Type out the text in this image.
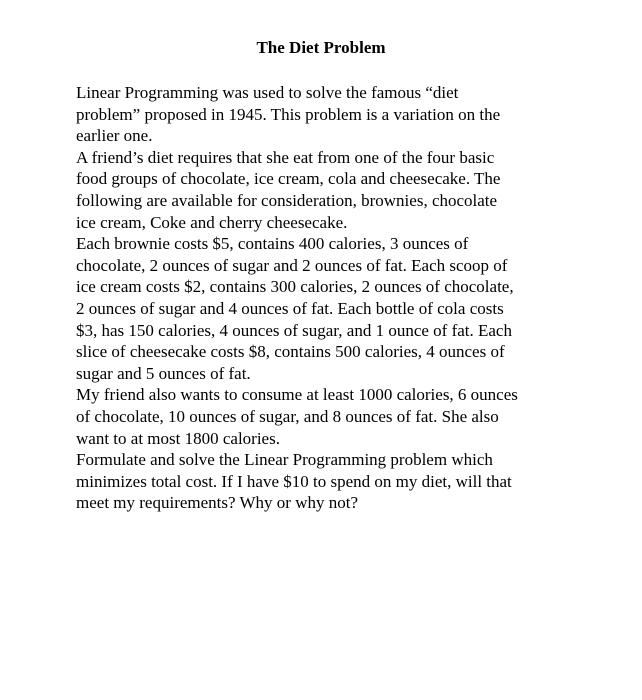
The Diet Problem
Linear Programming was used to solve the famous “diet
problem” proposed in 1945. This problem is a variation on the
earlier one.
A friend’s diet requires that she eat from one of the four basic
food groups of chocolate, ice cream, cola and cheesecake. The
following are available for consideration, brownies, chocolate
ice cream, Coke and cherry cheesecake.
Each brownie costs $5, contains 400 calories, 3 ounces of
chocolate, 2 ounces of sugar and 2 ounces of fat. Each scoop of
ice cream costs $2, contains 300 calories, 2 ounces of chocolate,
2 ounces of sugar and 4 ounces of fat. Each bottle of cola costs
$3, has 150 calories, 4 ounces of sugar, and 1 ounce of fat. Each
slice of cheesecake costs $8, contains 500 calories, 4 ounces of
sugar and 5 ounces of fat.
My friend also wants to consume at least 1000 calories, 6 ounces
of chocolate, 10 ounces of sugar, and 8 ounces of fat. She also
want to at most 1800 calories.
Formulate and solve the Linear Programming problem which
minimizes total cost. If I have $10 to spend on my diet, will that
meet my requirements? Why or why not?
